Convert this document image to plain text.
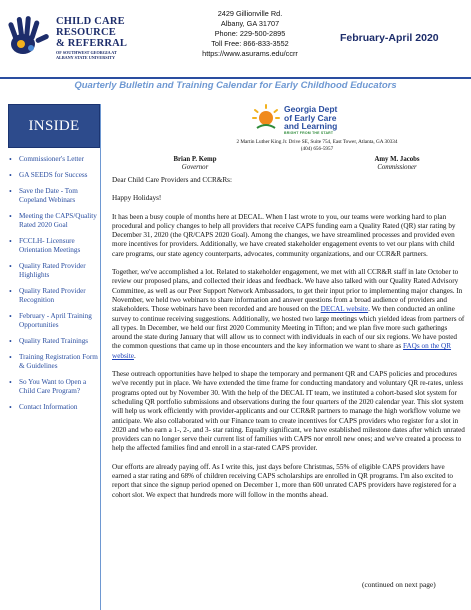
CHILD CARE
RESOURCE
& REFERRAL
OF SOUTHWEST GEORGIA AT
ALBANY STATE UNIVERSITY
2429 Gillionville Rd.
Albany, GA 31707
Phone: 229-500-2895
Toll Free: 866-833-3552
https://www.asurams.edu/ccrr
February-April 2020
Quarterly Bulletin and Training Calendar for Early Childhood Educators
INSIDE
• Commissioner's Letter
• GA SEEDS for Success
• Save the Date - Tom Copeland Webinars
• Meeting the CAPS/Quality Rated 2020 Goal
• FCCLH- Licensure Orientation Meetings
• Quality Rated Provider Highlights
• Quality Rated Provider Recognition
• February - April Training Opportunities
• Quality Rated Trainings
• Training Registration Form & Guidelines
• So You Want to Open a Child Care Program?
• Contact Information
Georgia Dept
of Early Care
and Learning
BRIGHT FROM THE START
2 Martin Luther King Jr. Drive SE, Suite 754, East Tower, Atlanta, GA 30334
(404) 656-5957
Brian P. Kemp
Governor
Amy M. Jacobs
Commissioner

Dear Child Care Providers and CCR&Rs:

Happy Holidays!

It has been a busy couple of months here at DECAL. When I last wrote to you, our teams were working hard to plan procedural and policy changes to help all providers that receive CAPS funding earn a Quality Rated (QR) star rating by December 31, 2020 (the QR/CAPS 2020 Goal). Among the changes, we have streamlined processes and provided even more incentives for providers. Additionally, we have created stakeholder engagement events to vet our plans with child care programs, our state agency counterparts, advocates, community organizations, and our CCR&R partners.

Together, we've accomplished a lot. Related to stakeholder engagement, we met with all CCR&R staff in late October to review our proposed plans, and collected their ideas and feedback. We have also talked with our Quality Rated Advisory Committee, as well as our Peer Support Network Ambassadors, to get their input prior to implementing major changes. In November, we held two webinars to share information and answer questions from a broad audience of providers and stakeholders. Those webinars have been recorded and are housed on the DECAL website. We then conducted an online survey to continue receiving suggestions. Additionally, we hosted two large meetings which yielded ideas from partners of all types. In December, we held our first 2020 Community Meeting in Tifton; and we plan five more such gatherings around the state during January that will allow us to connect with individuals in each of our six regions. We have posted the common questions that came up in those encounters and the key information we want to share as FAQs on the QR website.

These outreach opportunities have helped to shape the temporary and permanent QR and CAPS policies and procedures we've recently put in place. We have extended the time frame for conducting mandatory and voluntary QR re-rates, unless programs opted out by November 30. With the help of the DECAL IT team, we instituted a cohort-based slot system for scheduling QR portfolio submissions and observations during the four quarters of the 2020 calendar year. This slot system will help us work efficiently with provider-applicants and our CCR&R partners to manage the high workflow volume we anticipate. We also collaborated with our Finance team to create incentives for CAPS providers who register for a slot in 2020 and who earn a 1-, 2-, and 3- star rating. Equally significant, we have established milestone dates after which unrated providers can no longer serve their current list of families with CAPS nor enroll new ones; and we've created a process to help the affected families find and enroll in a star-rated CAPS provider.

Our efforts are already paying off. As I write this, just days before Christmas, 55% of eligible CAPS providers have earned a star rating and 68% of children receiving CAPS scholarships are enrolled in QR programs. I'm also excited to report that since the signup period opened on December 1, more than 600 unrated CAPS providers have registered for a cohort slot. We expect that hundreds more will follow in the months ahead.

(continued on next page)
